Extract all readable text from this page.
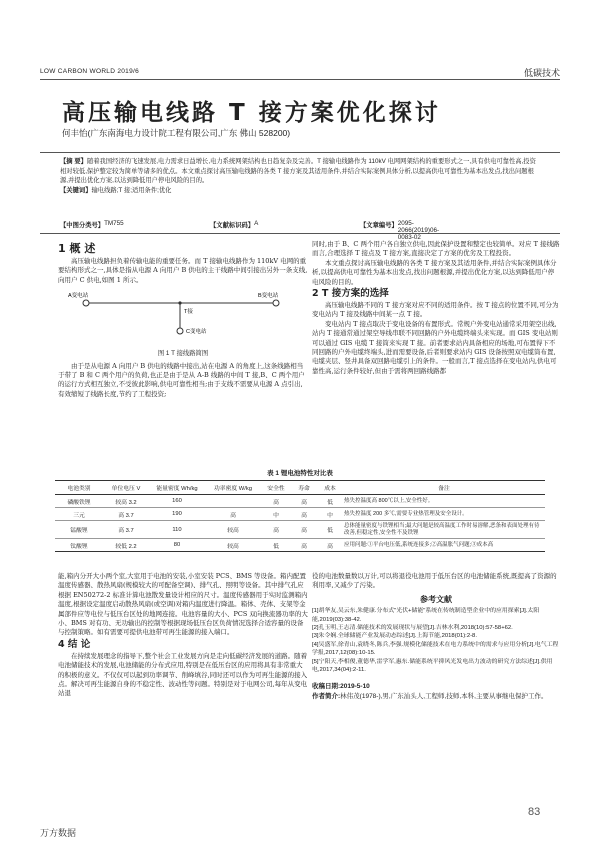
LOW CARBON WORLD 2019/6	低碳技术
高压输电线路 T 接方案优化探讨
何丰怡(广东南海电力设计院工程有限公司,广东 佛山 528200)
【摘 要】随着我国经济的飞速发展,电力需求日益增长,电力系统网架结构也日趋复杂及完善。T 接输电线路作为 110kV 电网网架结构的重要形式之一,具有供电可靠性高,投资相对较低,保护整定较为简单等诸多的优点。本文重点探讨高压输电线路的各类 T 接方案及其适用条件,并结合实际案例具体分析,以提高供电可靠性为基本出发点,找出问题根源,并提出优化方案,以达到降低用户停电风险的目的。
【关键词】输电线路;T 接;适用条件;优化
【中图分类号】 TM755	【文献标识码】 A	【文章编号】 2095-2066(2019)06-0083-02
1 概 述

高压输电线路担负着传输电能的重要任务。而 T 接输电线路作为 110kV 电网的重要结构形式之一,具体是指从电源 A 向用户 B 供电的主干线路中间引接出另外一条支线,向用户 C 供电,如图 1 所示。

A变电站	B变电站
C变电站
T接
图 1 T 接线路简图

由于是从电源 A 向用户 B 供电的线路中接出,站在电源 A 的角度上,这条线路相当于带了 B 和 C 两个用户的负荷,也正是由于是从 A-B 线路的中间 T 接,B、C 两个用户的运行方式相互独立,不受彼此影响,供电可靠性相当;由于支线不需要从电源 A 点引出,有效缩短了线路长度,节约了工程投资;

同时,由于 B、C 两个用户各自独立供电,因此保护设置和整定也较简单。对应 T 接线路而言,合理选择 T 接点及 T 接方案,直接决定了方案的优劣及工程投资。

本文重点探讨高压输电线路的各类 T 接方案及其适用条件,并结合实际案例具体分析,以提高供电可靠性为基本出发点,找出问题根源,并提出优化方案,以达到降低用户停电风险的目的。

2 T 接方案的选择

高压输电线路不同的 T 接方案对应不同的适用条件。按 T 接点的位置不同,可分为变电站内 T 接及线路中间某一点 T 接。

变电站内 T 接点取决于变电设备的布置形式。常规户外变电站通常采用架空出线,站内 T 接通常通过架空导线串联不同回路的户外电缆终端头来实现。而 GIS 变电站则可以通过 GIS 电缆 T 接筒来实现 T 接。前者要求站内具备相应的场地,可布置得下不同回路的户外电缆终端头,进而需要设备,后者则要求站内 GIS 设备按照双电缆筒布置,电缆夹层、竖井具备双回路电缆引上的条件。一般而言,T 接点选择在变电站内,供电可靠性高,运行条件较好,但由于需将两回路线路都

表 1 锂电池特性对比表
电池类别	单位电压 V	能量密度 Wh/kg	功率密度 W/kg	安全性	寿命	成本	备注
磷酸铁锂	较高 3.2	160		高	高	低	热失控温度高 800℃以上,安全性好。
三元	高 3.7	190	高	中	高	中	热失控温度 200 多℃,需要专业热管理及安全设计。
锰酸锂	高 3.7	110	较高	高	高	低	总体能量密度与铁锂相当;最大问题是较高温度工作时易溶解,恶条和表面处理有待改善,但稳定性,安全性不及铁锂
钛酸锂	较低 2.2	80	较高	低	高	高	应用问题:①平台电压低,系统连接多;②高温胀气问题;③成本高

能,箱内分开大小两个室,大室用于电池的安装,小室安装 PCS、BMS 等设备。箱内配置温度传感器、散热风扇(规模较大的可配备空调)、排气孔、照明等设备。其中排气孔应根据 EN50272-2 标准计算电池散发量设计相应的尺寸。温度传感器用于实时监测箱内温度,根据设定温度启动散热风扇(或空调)对箱内温度进行降温。箱体、壳体、支架等金属部件应等电位与低压台区处的地网连接。电池容量的大小、PCS 双向换流器功率的大小、BMS 对有功、无功输出的控制等根据现场低压台区负荷情况选择合适容量的设备与控制策略。如有需要可提供电池带可再生能源的接入端口。

4 结 论

在持续发展理念的指导下,整个社会工业发展方向是走向低碳经济发展的道路。随着电池储能技术的发展,电池储能的分布式应用,特别是在低压台区的应用将具有非常重大的积极的意义。不仅仅可以起到功率调节、削峰填谷,同时还可以作为可再生能源的接入点。解决可再生能源自身的不稳定性、波动性等问题。特别是对于电网公司,每年从变电站退

役的电池数量数以万计,可以将退役电池用于低压台区的电池储能系统,既提高了资源的利用率,又减少了污染。

参考文献
[1]胡华友,吴云东,朱健康.分布式"光伏+储能"系统在传统制造型企业中的应用探索[J].太阳能,2019(03):38-42.
[2]孔玉明,王志清.储能技术的发展现状与展望[J].吉林水利,2018(10):57-58+62.
[3]朱令娴.全球储能产业发展动态综述[J].上海节能,2018(01):2-8.
[4]吴盛军,徐青山,袁晓冬,陈兵,李强.规模化储能技术在电力系统中的需求与应用分析[J].电气工程学报,2017,12(08):10-15.
[5]宁阳天,李相俊,董德华,雷学军,惠东.储能系统平抑风光发电出力波动的研究方法综述[J].供用电,2017,34(04):2-11.
收稿日期:2019-5-10
作者简介:林伟茂(1978-),男,广东汕头人,工程师,技师,本科,主要从事继电保护工作。
83
万方数据
